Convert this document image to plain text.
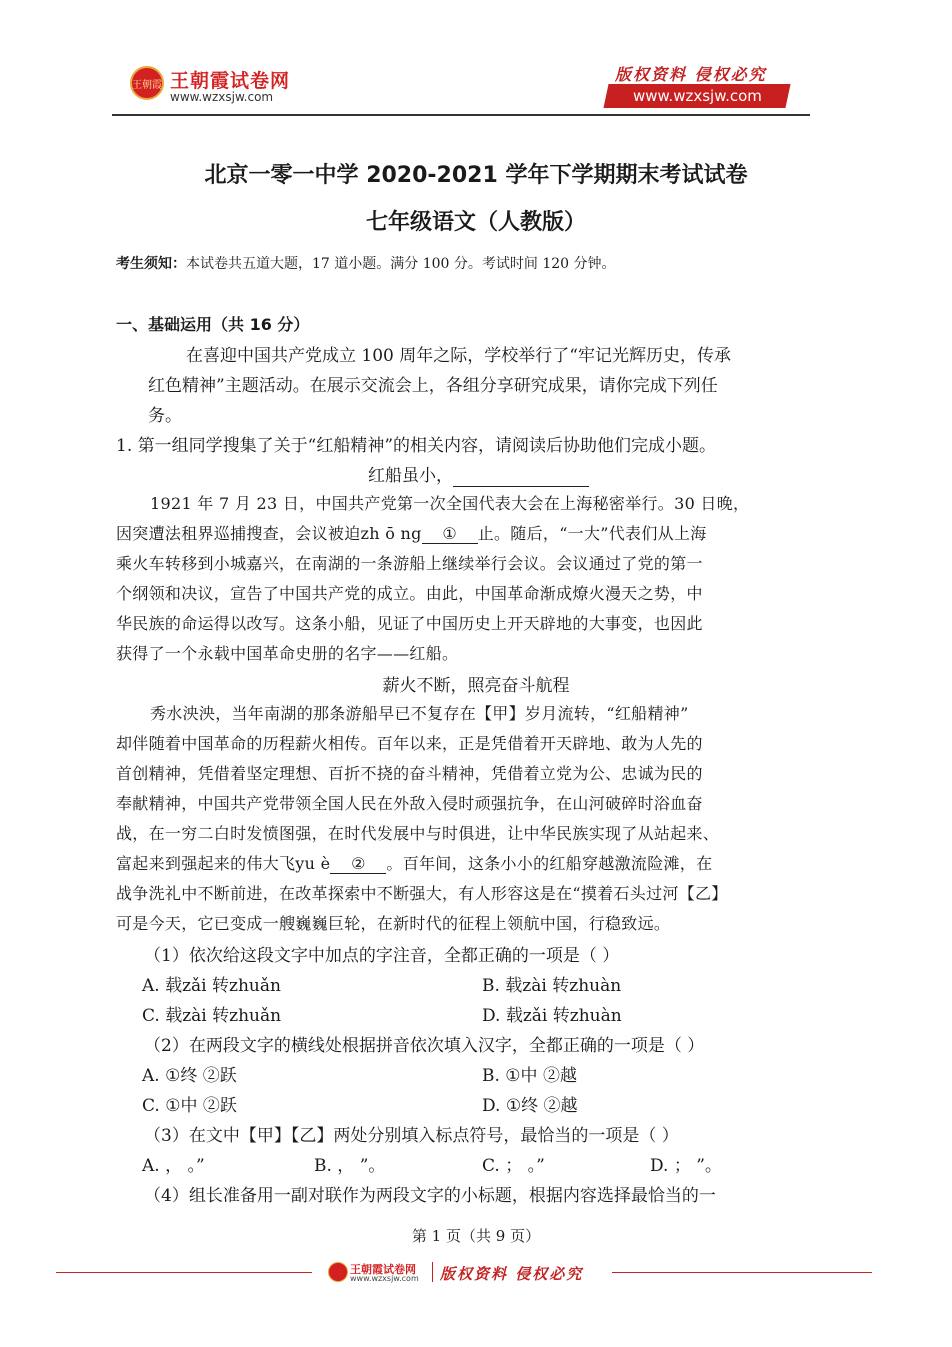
王朝霞 王朝霞试卷网
www.wzxsjw.com
版权资料 侵权必究
www.wzxsjw.com
北京一零一中学 2020-2021 学年下学期期末考试试卷
七年级语文（人教版）
考生须知：本试卷共五道大题，17 道小题。满分 100 分。考试时间 120 分钟。
一、基础运用（共 16 分）
在喜迎中国共产党成立 100 周年之际，学校举行了“牢记光辉历史，传承
红色精神”主题活动。在展示交流会上，各组分享研究成果，请你完成下列任
务。
1. 第一组同学搜集了关于“红船精神”的相关内容，请阅读后协助他们完成小题。
红船虽小，
1921 年 7 月 23 日，中国共产党第一次全国代表大会在上海秘密举行。30 日晚，
因突遭法租界巡捕搜查，会议被迫zh ō ng ① 止。随后，“一大”代表们从上海
乘火车转移到小城嘉兴，在南湖的一条游船上继续举行会议。会议通过了党的第一
个纲领和决议，宣告了中国共产党的成立。由此，中国革命渐成燎火漫天之势，中
华民族的命运得以改写。这条小船，见证了中国历史上开天辟地的大事变，也因此
获得了一个永载中国革命史册的名字——红船。
薪火不断，照亮奋斗航程
秀水泱泱，当年南湖的那条游船早已不复存在【甲】岁月流转，“红船精神”
却伴随着中国革命的历程薪火相传。百年以来，正是凭借着开天辟地、敢为人先的
首创精神，凭借着坚定理想、百折不挠的奋斗精神，凭借着立党为公、忠诚为民的
奉献精神，中国共产党带领全国人民在外敌入侵时顽强抗争，在山河破碎时浴血奋
战，在一穷二白时发愤图强，在时代发展中与时俱进，让中华民族实现了从站起来、
富起来到强起来的伟大飞yu è ② 。百年间，这条小小的红船穿越激流险滩，在
战争洗礼中不断前进，在改革探索中不断强大，有人形容这是在“摸着石头过河【乙】
可是今天，它已变成一艘巍巍巨轮，在新时代的征程上领航中国，行稳致远。
（1）依次给这段文字中加点的字注音，全都正确的一项是（ ）
A. 载zǎi 转zhuǎn	B. 载zài 转zhuàn
C. 载zài 转zhuǎn	D. 载zǎi 转zhuàn
（2）在两段文字的横线处根据拼音依次填入汉字，全都正确的一项是（ ）
A. ①终 ②跃	B. ①中 ②越
C. ①中 ②跃	D. ①终 ②越
（3）在文中【甲】【乙】两处分别填入标点符号，最恰当的一项是（ ）
A. ， 。”	B. ， ”。	C. ； 。”	D. ； ”。
（4）组长准备用一副对联作为两段文字的小标题，根据内容选择最恰当的一
第 1 页（共 9 页）
王朝霞试卷网
www.wzxsjw.com 版权资料 侵权必究
